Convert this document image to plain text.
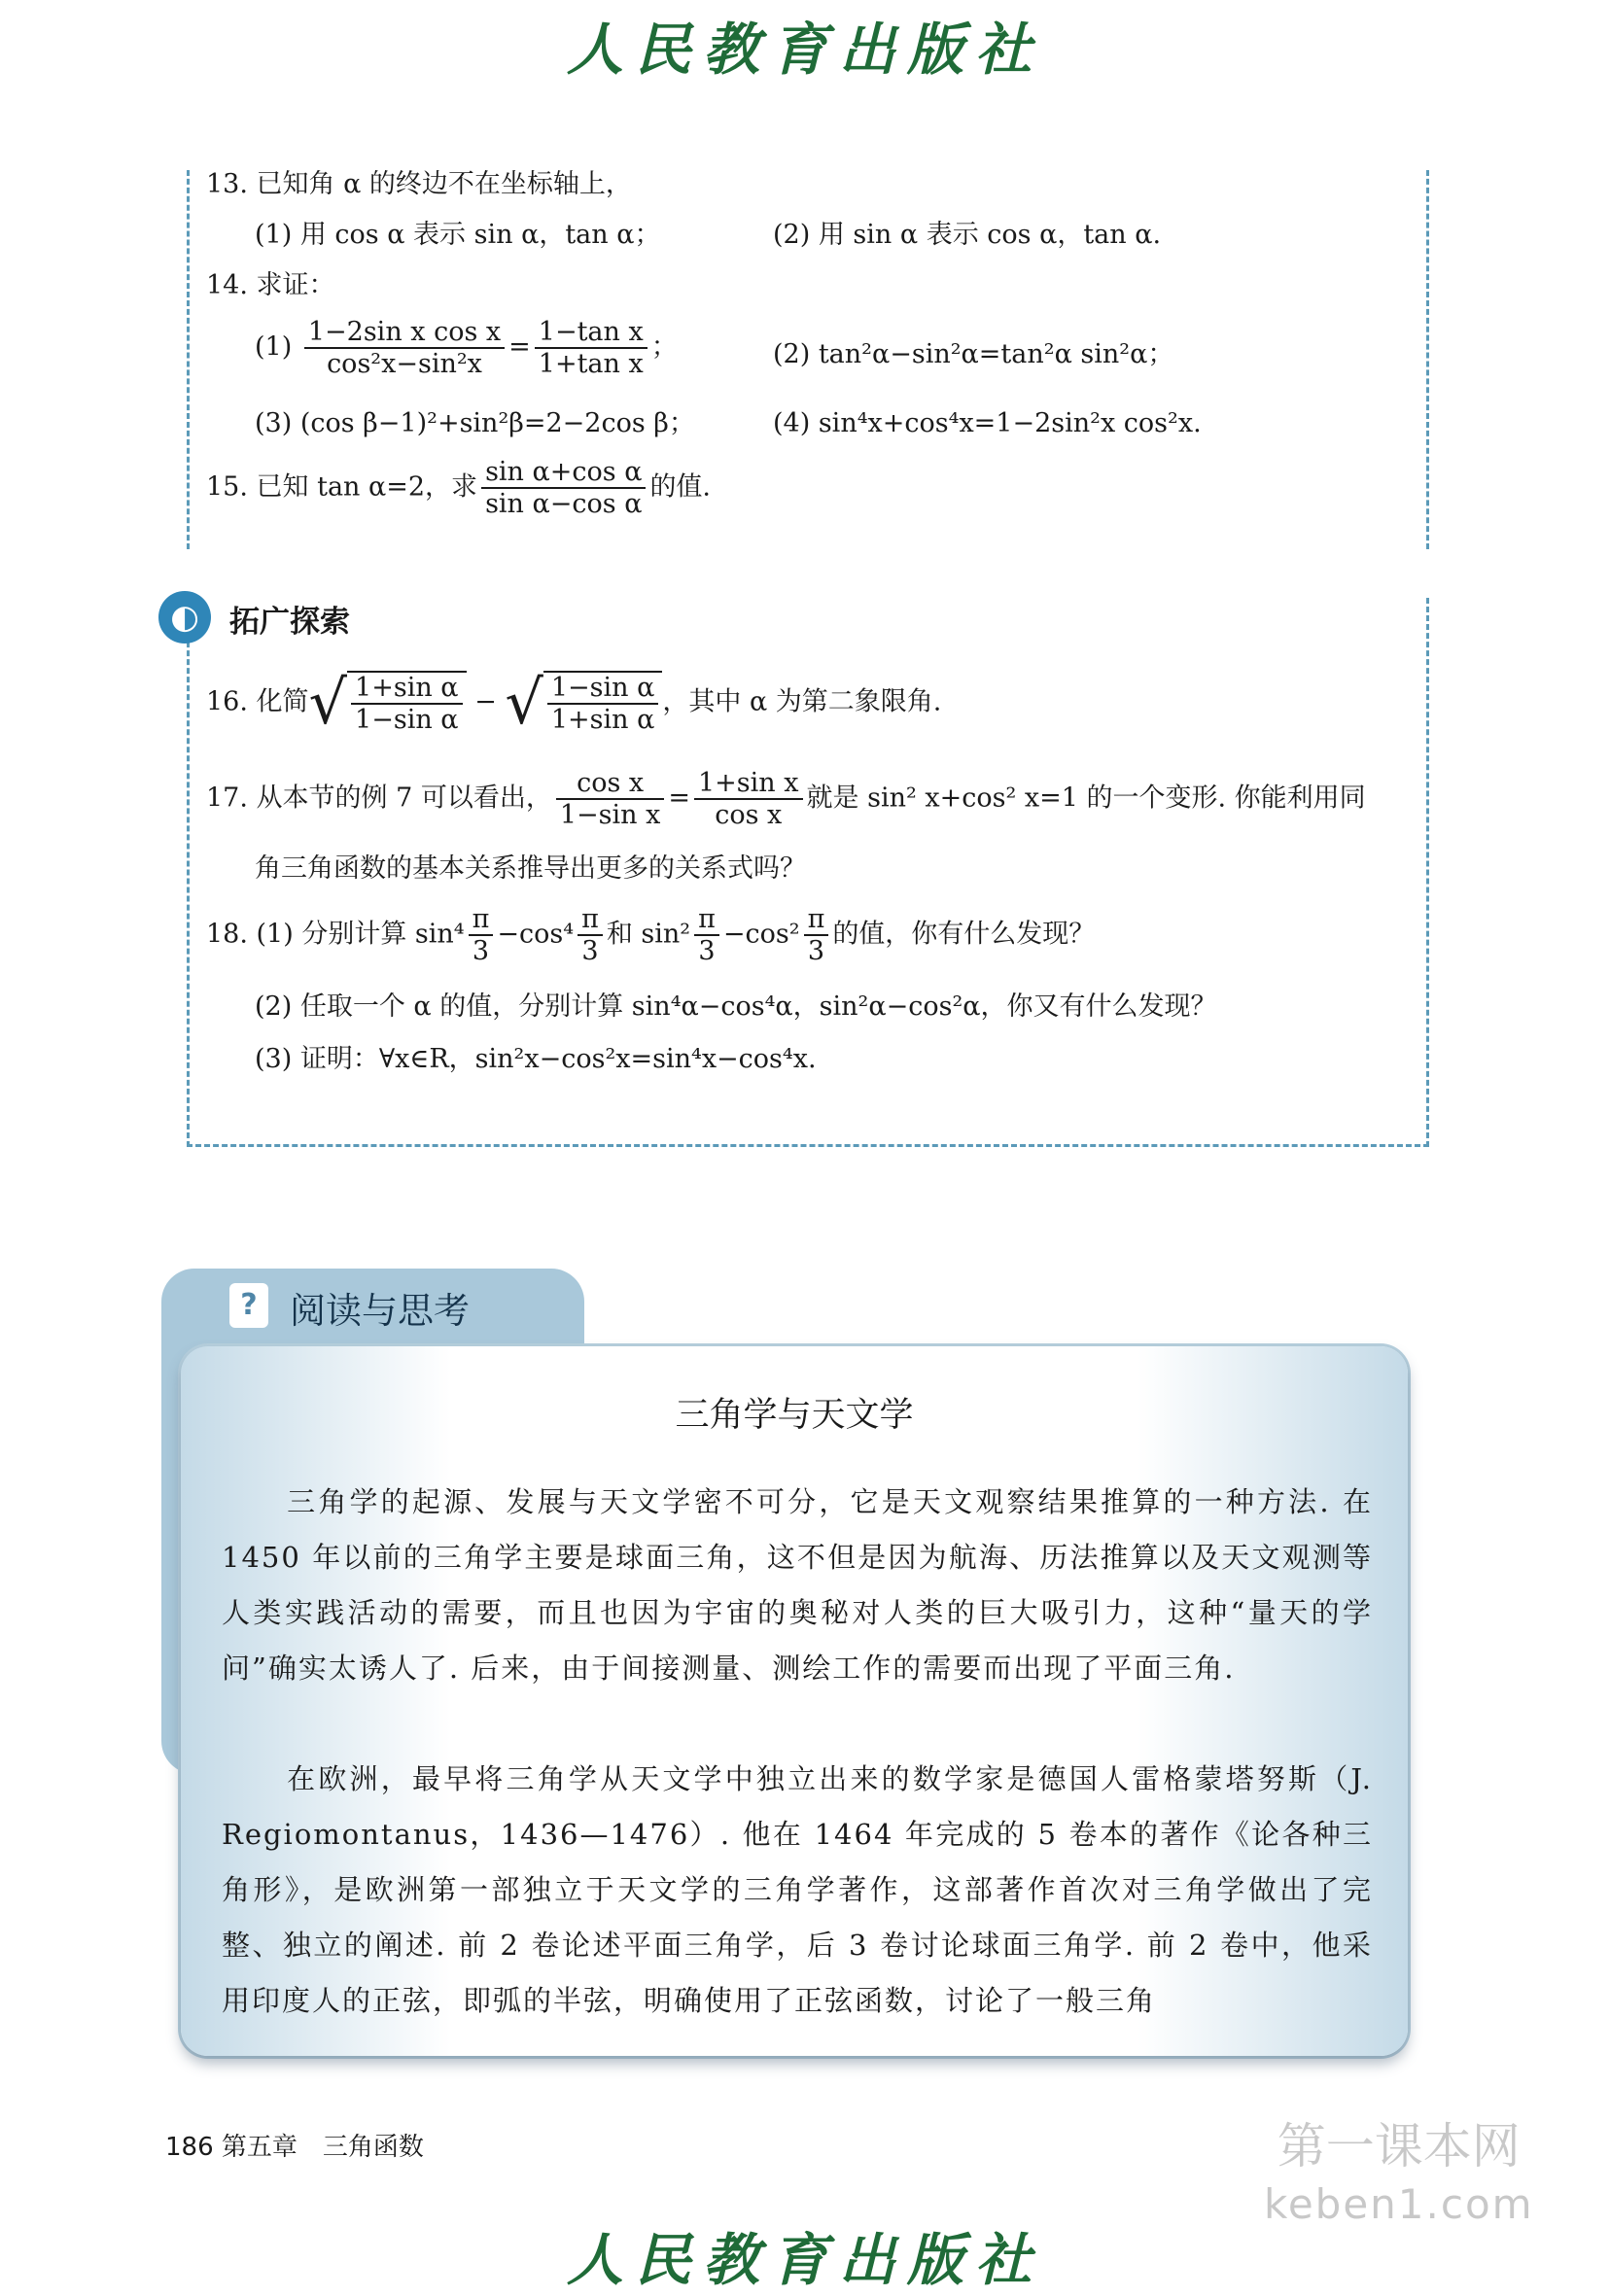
人民教育出版社
13. 已知角 α 的终边不在坐标轴上，
(1) 用 cos α 表示 sin α，tan α；	(2) 用 sin α 表示 cos α，tan α.
14. 求证：
$(1) \frac{\text{1−2sin x cos x}}{\text{cos²x−sin²x}} = \frac{\text{1−tan x}}{\text{1+tan x}}$ ；	(2) tan²α−sin²α=tan²α sin²α；
(3) (cos β−1)²+sin²β=2−2cos β；	(4) sin⁴x+cos⁴x=1−2sin²x cos²x.
15. 已知 tan α=2，求 $\frac{\text{sin α+cos α}}{\text{sin α−cos α}}$ 的值.
◐	拓广探索
16. 化简√ $\frac{\text{1+sin α}}{\text{1−sin α}}$ − √ $\frac{\text{1−sin α}}{\text{1+sin α}}$ ，其中 α 为第二象限角.
17. 从本节的例 7 可以看出， $\frac{\text{cos x}}{\text{1−sin x}} = \frac{\text{1+sin x}}{\text{cos x}}$ 就是 sin² x+cos² x=1 的一个变形. 你能利用同
角三角函数的基本关系推导出更多的关系式吗？
18. (1) 分别计算 $\sin^4 \frac{\pi}{3} -\cos^4 \frac{\pi}{3}$ 和 $\sin^2 \frac{\pi}{3} -\cos^2 \frac{\pi}{3}$ 的值，你有什么发现？
(2) 任取一个 α 的值，分别计算 sin⁴α−cos⁴α，sin²α−cos²α，你又有什么发现？
(3) 证明：∀x∈R，sin²x−cos²x=sin⁴x−cos⁴x.
? 阅读与思考
三角学与天文学
三角学的起源、发展与天文学密不可分，它是天文观察结果推算的一种方法. 在 1450 年以前的三角学主要是球面三角，这不但是因为航海、历法推算以及天文观测等人类实践活动的需要，而且也因为宇宙的奥秘对人类的巨大吸引力，这种“量天的学问”确实太诱人了. 后来，由于间接测量、测绘工作的需要而出现了平面三角.
在欧洲，最早将三角学从天文学中独立出来的数学家是德国人雷格蒙塔努斯（J. Regiomontanus，1436—1476）. 他在 1464 年完成的 5 卷本的著作《论各种三角形》，是欧洲第一部独立于天文学的三角学著作，这部著作首次对三角学做出了完整、独立的阐述. 前 2 卷论述平面三角学，后 3 卷讨论球面三角学. 前 2 卷中，他采用印度人的正弦，即弧的半弦，明确使用了正弦函数，讨论了一般三角
186 第五章　三角函数	第一课本网
keben1.com
人民教育出版社
